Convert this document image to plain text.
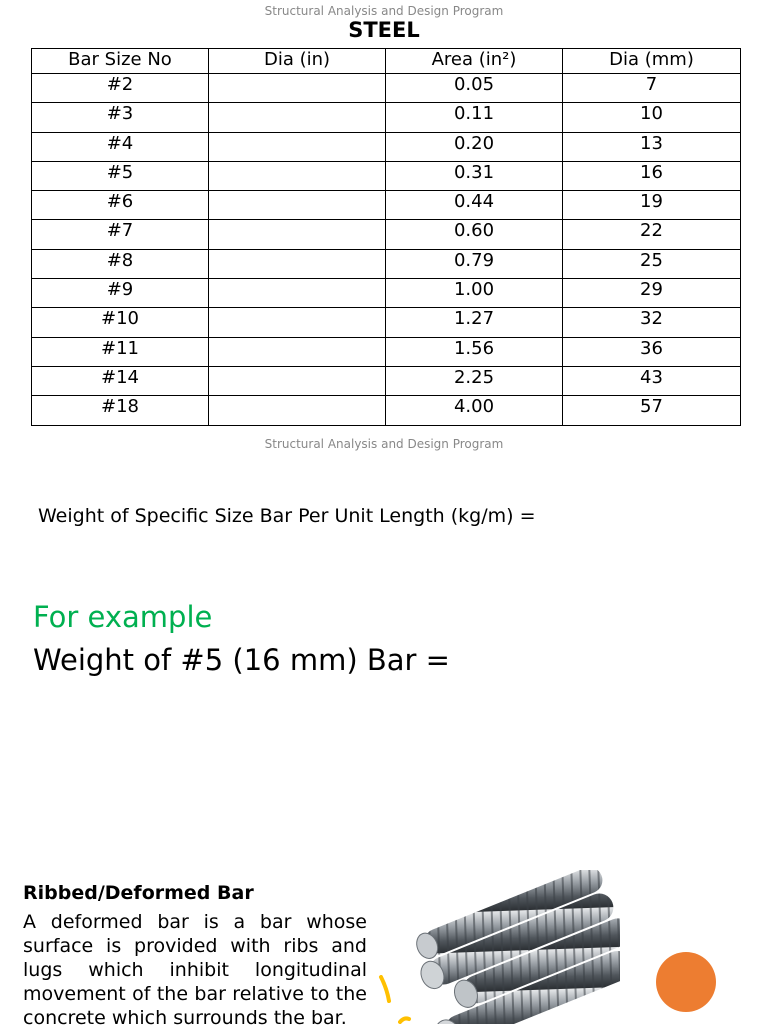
Structural Analysis and Design Program
STEEL
Bar Size No	Dia (in)	Area (in²)	Dia (mm)
#2		0.05	7
#3		0.11	10
#4		0.20	13
#5		0.31	16
#6		0.44	19
#7		0.60	22
#8		0.79	25
#9		1.00	29
#10		1.27	32
#11		1.56	36
#14		2.25	43
#18		4.00	57
Structural Analysis and Design Program
Weight of Specific Size Bar Per Unit Length (kg/m) =
For example
Weight of #5 (16 mm) Bar =
Ribbed/Deformed Bar
A deformed bar is a bar whose surface is provided with ribs and lugs which inhibit longitudinal movement of the bar relative to the concrete which surrounds the bar.
